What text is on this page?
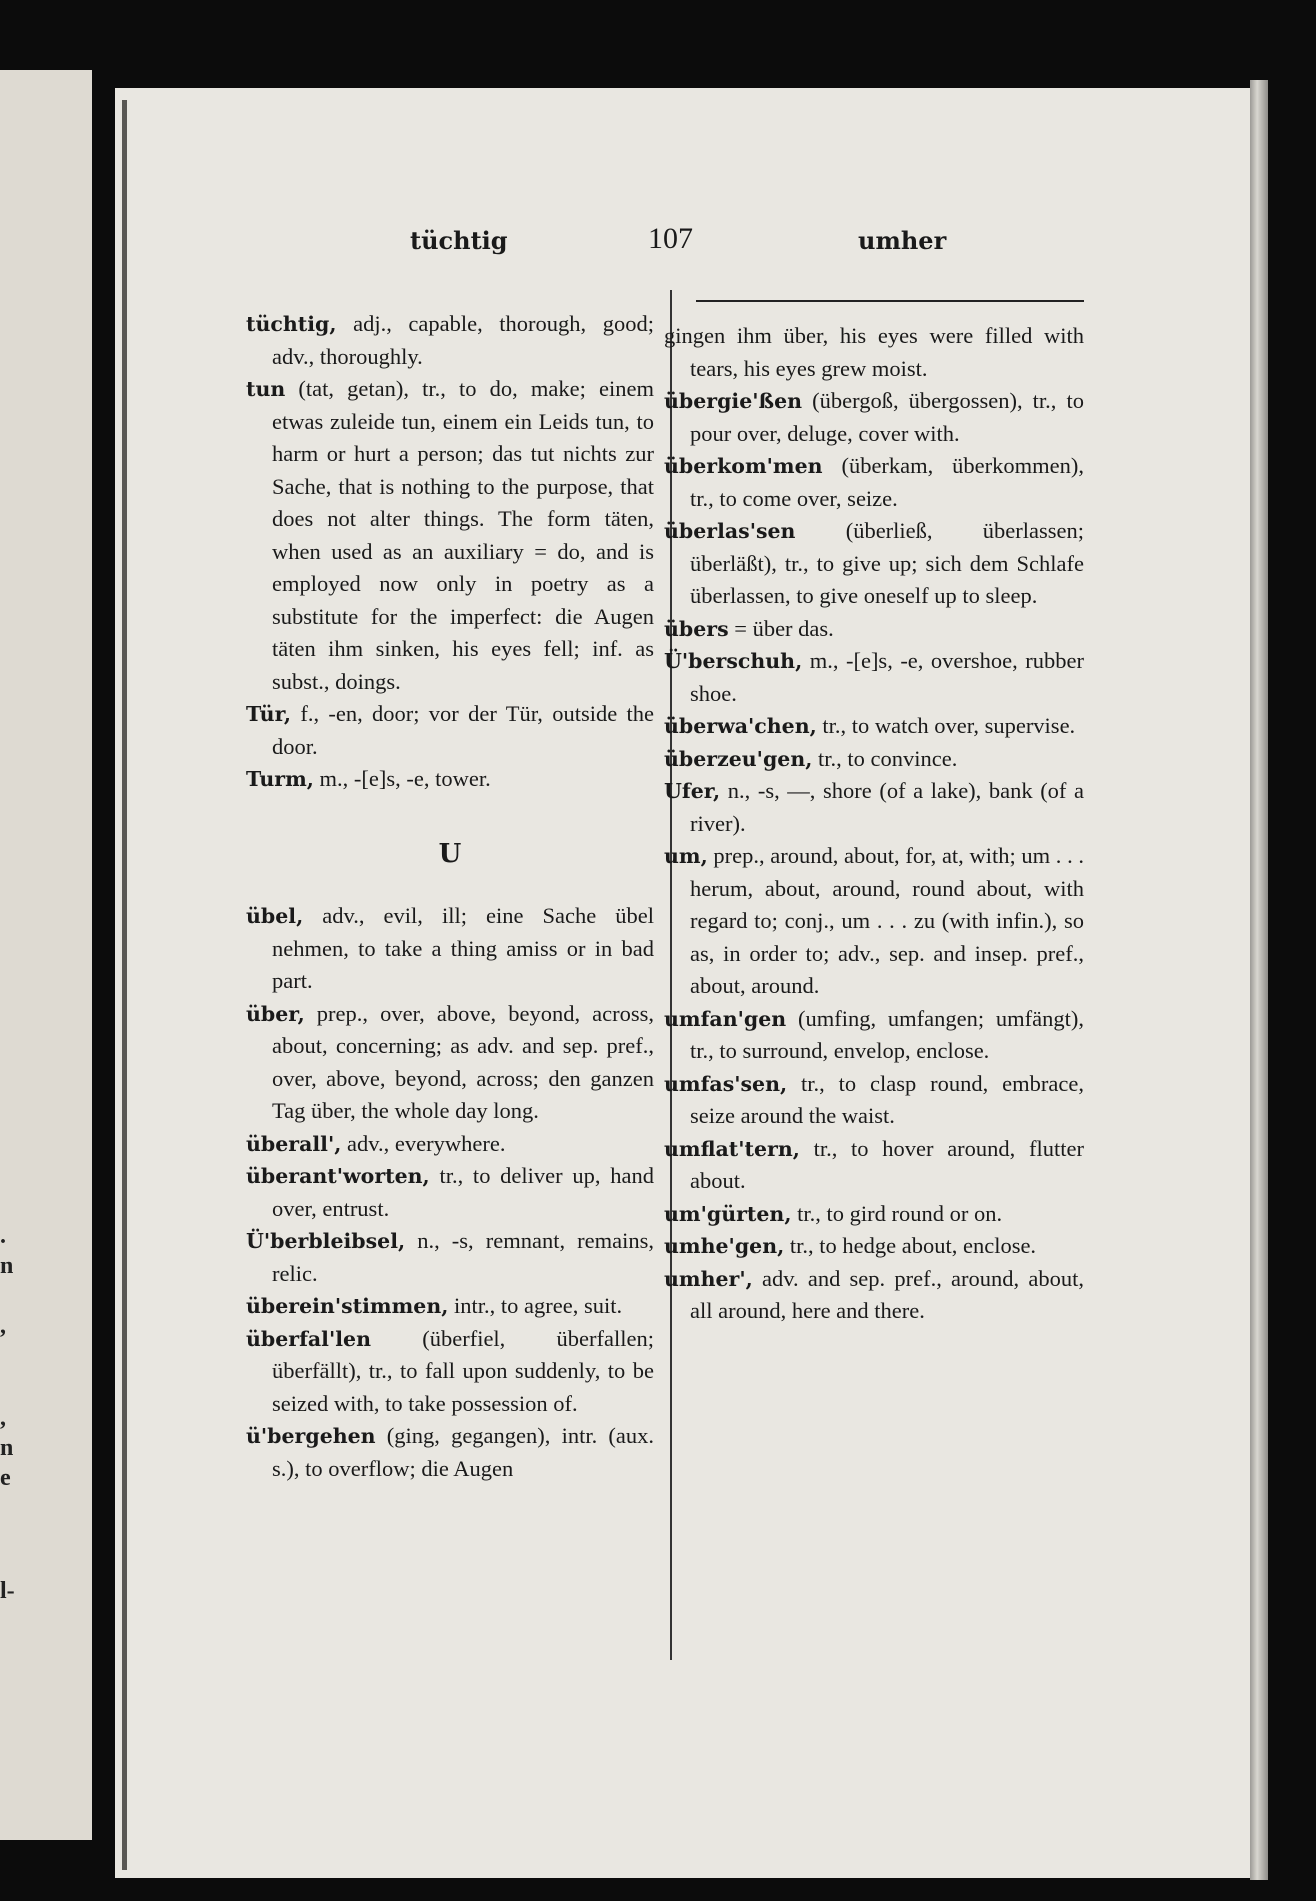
.
n
,
,
n
e
l-
tüchtig	107	umher

tüchtig, adj., capable, thorough, good; adv., thoroughly.

tun (tat, getan), tr., to do, make; einem etwas zuleide tun, einem ein Leids tun, to harm or hurt a person; das tut nichts zur Sache, that is nothing to the purpose, that does not alter things. The form täten, when used as an auxiliary = do, and is employed now only in poetry as a substitute for the imperfect: die Augen täten ihm sinken, his eyes fell; inf. as subst., doings.

Tür, f., -en, door; vor der Tür, outside the door.

Turm, m., -[e]s, -e, tower.

U

übel, adv., evil, ill; eine Sache übel nehmen, to take a thing amiss or in bad part.

über, prep., over, above, beyond, across, about, concerning; as adv. and sep. pref., over, above, beyond, across; den ganzen Tag über, the whole day long.

überall', adv., everywhere.

überant'worten, tr., to deliver up, hand over, entrust.

Ü'berbleibsel, n., -s, remnant, remains, relic.

überein'stimmen, intr., to agree, suit.

überfal'len (überfiel, überfallen; überfällt), tr., to fall upon suddenly, to be seized with, to take possession of.

ü'bergehen (ging, gegangen), intr. (aux. s.), to overflow; die Augen

gingen ihm über, his eyes were filled with tears, his eyes grew moist.

übergie'ßen (übergoß, übergossen), tr., to pour over, deluge, cover with.

überkom'men (überkam, überkommen), tr., to come over, seize.

überlas'sen (überließ, überlassen; überläßt), tr., to give up; sich dem Schlafe überlassen, to give oneself up to sleep.

übers = über das.

Ü'berschuh, m., -[e]s, -e, overshoe, rubber shoe.

überwa'chen, tr., to watch over, supervise.

überzeu'gen, tr., to convince.

Ufer, n., -s, —, shore (of a lake), bank (of a river).

um, prep., around, about, for, at, with; um . . . herum, about, around, round about, with regard to; conj., um . . . zu (with infin.), so as, in order to; adv., sep. and insep. pref., about, around.

umfan'gen (umfing, umfangen; umfängt), tr., to surround, envelop, enclose.

umfas'sen, tr., to clasp round, embrace, seize around the waist.

umflat'tern, tr., to hover around, flutter about.

um'gürten, tr., to gird round or on.

umhe'gen, tr., to hedge about, enclose.

umher', adv. and sep. pref., around, about, all around, here and there.
